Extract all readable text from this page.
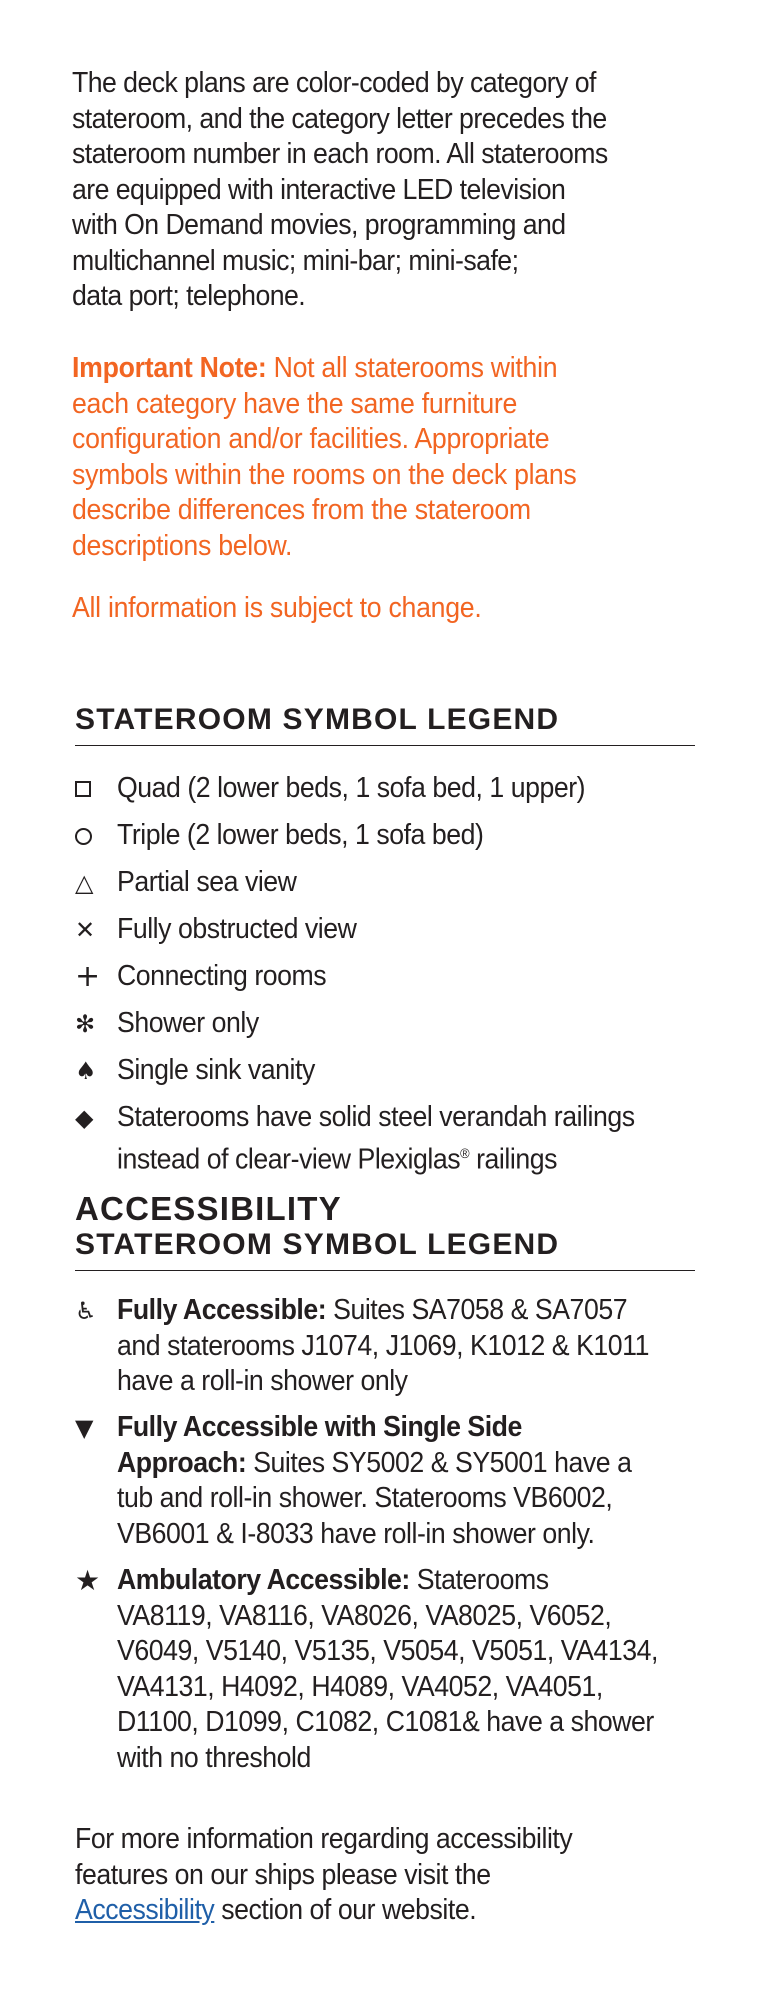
The deck plans are color-coded by category of
stateroom, and the category letter precedes the
stateroom number in each room. All staterooms
are equipped with interactive LED television
with On Demand movies, programming and
multichannel music; mini-bar; mini-safe;
data port; telephone.
Important Note: Not all staterooms within
each category have the same furniture
configuration and/or facilities. Appropriate
symbols within the rooms on the deck plans
describe differences from the stateroom
descriptions below.
All information is subject to change.
STATEROOM SYMBOL LEGEND
Quad (2 lower beds, 1 sofa bed, 1 upper)
Triple (2 lower beds, 1 sofa bed)
△ Partial sea view
✕ Fully obstructed view
+ Connecting rooms
✻ Shower only
♠ Single sink vanity
◆ Staterooms have solid steel verandah railings
instead of clear-view Plexiglas® railings
ACCESSIBILITY
STATEROOM SYMBOL LEGEND
♿ Fully Accessible: Suites SA7058 & SA7057
and staterooms J1074, J1069, K1012 & K1011
have a roll-in shower only
▼ Fully Accessible with Single Side
Approach: Suites SY5002 & SY5001 have a
tub and roll-in shower. Staterooms VB6002,
VB6001 & I-8033 have roll-in shower only.
★ Ambulatory Accessible: Staterooms
VA8119, VA8116, VA8026, VA8025, V6052,
V6049, V5140, V5135, V5054, V5051, VA4134,
VA4131, H4092, H4089, VA4052, VA4051,
D1100, D1099, C1082, C1081& have a shower
with no threshold
For more information regarding accessibility
features on our ships please visit the
Accessibility section of our website.
